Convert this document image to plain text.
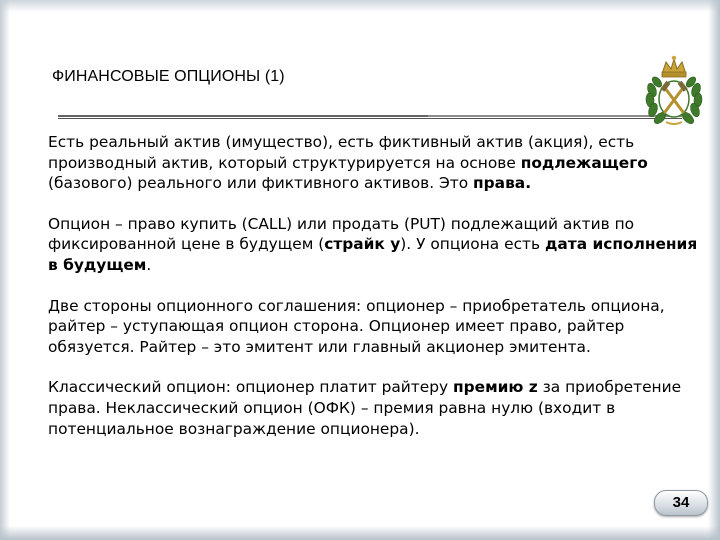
ФИНАНСОВЫЕ ОПЦИОНЫ (1)

Есть реальный актив (имущество), есть фиктивный актив (акция), есть производный актив, который структурируется на основе подлежащего (базового) реального или фиктивного активов. Это права.

Опцион – право купить (CALL) или продать (PUT) подлежащий актив по фиксированной цене в будущем (страйк y). У опциона есть дата исполнения в будущем.

Две стороны опционного соглашения: опционер – приобретатель опциона, райтер – уступающая опцион сторона. Опционер имеет право, райтер обязуется. Райтер – это эмитент или главный акционер эмитента.

Классический опцион: опционер платит райтеру премию z за приобретение права. Неклассический опцион (ОФК) – премия равна нулю (входит в потенциальное вознаграждение опционера).

34
